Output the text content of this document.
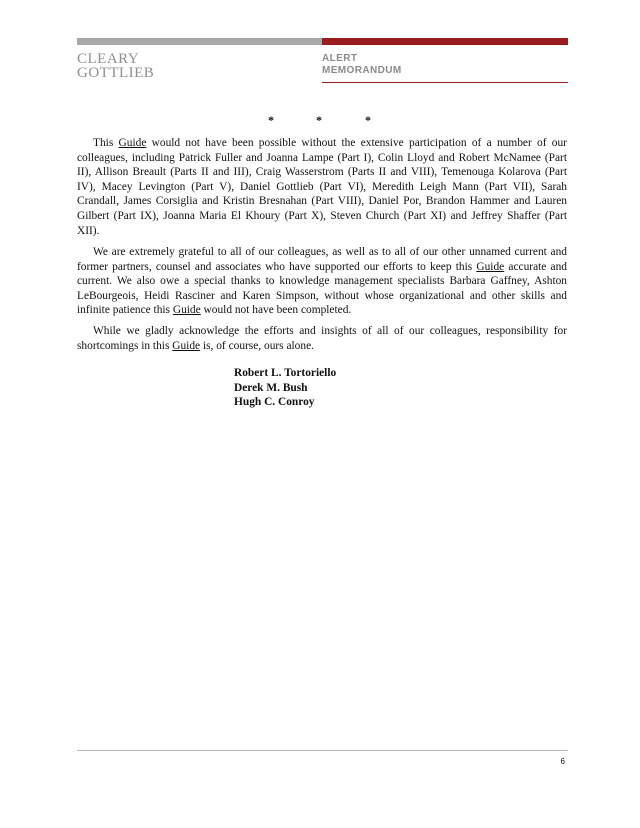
CLEARY
GOTTLIEB
ALERT
MEMORANDUM
*	*	*

This Guide would not have been possible without the extensive participation of a number of our colleagues, including Patrick Fuller and Joanna Lampe (Part I), Colin Lloyd and Robert McNamee (Part II), Allison Breault (Parts II and III), Craig Wasserstrom (Parts II and VIII), Temenouga Kolarova (Part IV), Macey Levington (Part V), Daniel Gottlieb (Part VI), Meredith Leigh Mann (Part VII), Sarah Crandall, James Corsiglia and Kristin Bresnahan (Part VIII), Daniel Por, Brandon Hammer and Lauren Gilbert (Part IX), Joanna Maria El Khoury (Part X), Steven Church (Part XI) and Jeffrey Shaffer (Part XII).

We are extremely grateful to all of our colleagues, as well as to all of our other unnamed current and former partners, counsel and associates who have supported our efforts to keep this Guide accurate and current. We also owe a special thanks to knowledge management specialists Barbara Gaffney, Ashton LeBourgeois, Heidi Rasciner and Karen Simpson, without whose organizational and other skills and infinite patience this Guide would not have been completed.

While we gladly acknowledge the efforts and insights of all of our colleagues, responsibility for shortcomings in this Guide is, of course, ours alone.

Robert L. Tortoriello
Derek M. Bush
Hugh C. Conroy
6
